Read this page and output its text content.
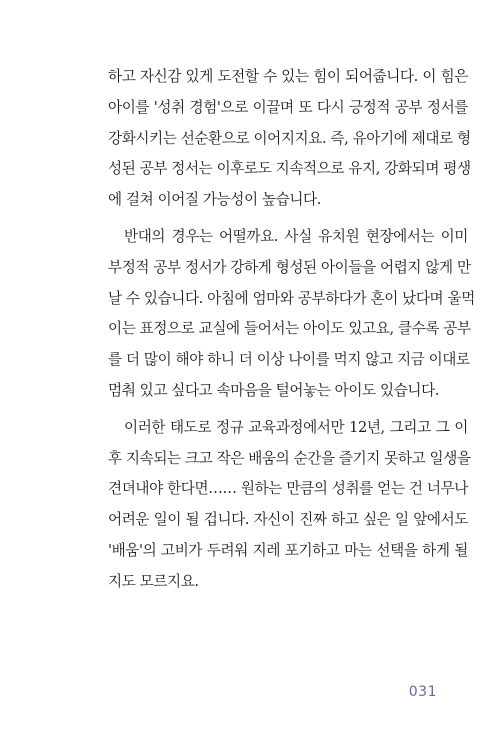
하고 자신감 있게 도전할 수 있는 힘이 되어줍니다. 이 힘은
아이를 '성취 경험'으로 이끌며 또 다시 긍정적 공부 정서를
강화시키는 선순환으로 이어지지요. 즉, 유아기에 제대로 형
성된 공부 정서는 이후로도 지속적으로 유지, 강화되며 평생
에 걸쳐 이어질 가능성이 높습니다.
반대의 경우는 어떨까요. 사실 유치원 현장에서는 이미
부정적 공부 정서가 강하게 형성된 아이들을 어렵지 않게 만
날 수 있습니다. 아침에 엄마와 공부하다가 혼이 났다며 울먹
이는 표정으로 교실에 들어서는 아이도 있고요, 클수록 공부
를 더 많이 해야 하니 더 이상 나이를 먹지 않고 지금 이대로
멈춰 있고 싶다고 속마음을 털어놓는 아이도 있습니다.
이러한 태도로 정규 교육과정에서만 12년, 그리고 그 이
후 지속되는 크고 작은 배움의 순간을 즐기지 못하고 일생을
견뎌내야 한다면…… 원하는 만큼의 성취를 얻는 건 너무나
어려운 일이 될 겁니다. 자신이 진짜 하고 싶은 일 앞에서도
'배움'의 고비가 두려워 지레 포기하고 마는 선택을 하게 될
지도 모르지요.
031
